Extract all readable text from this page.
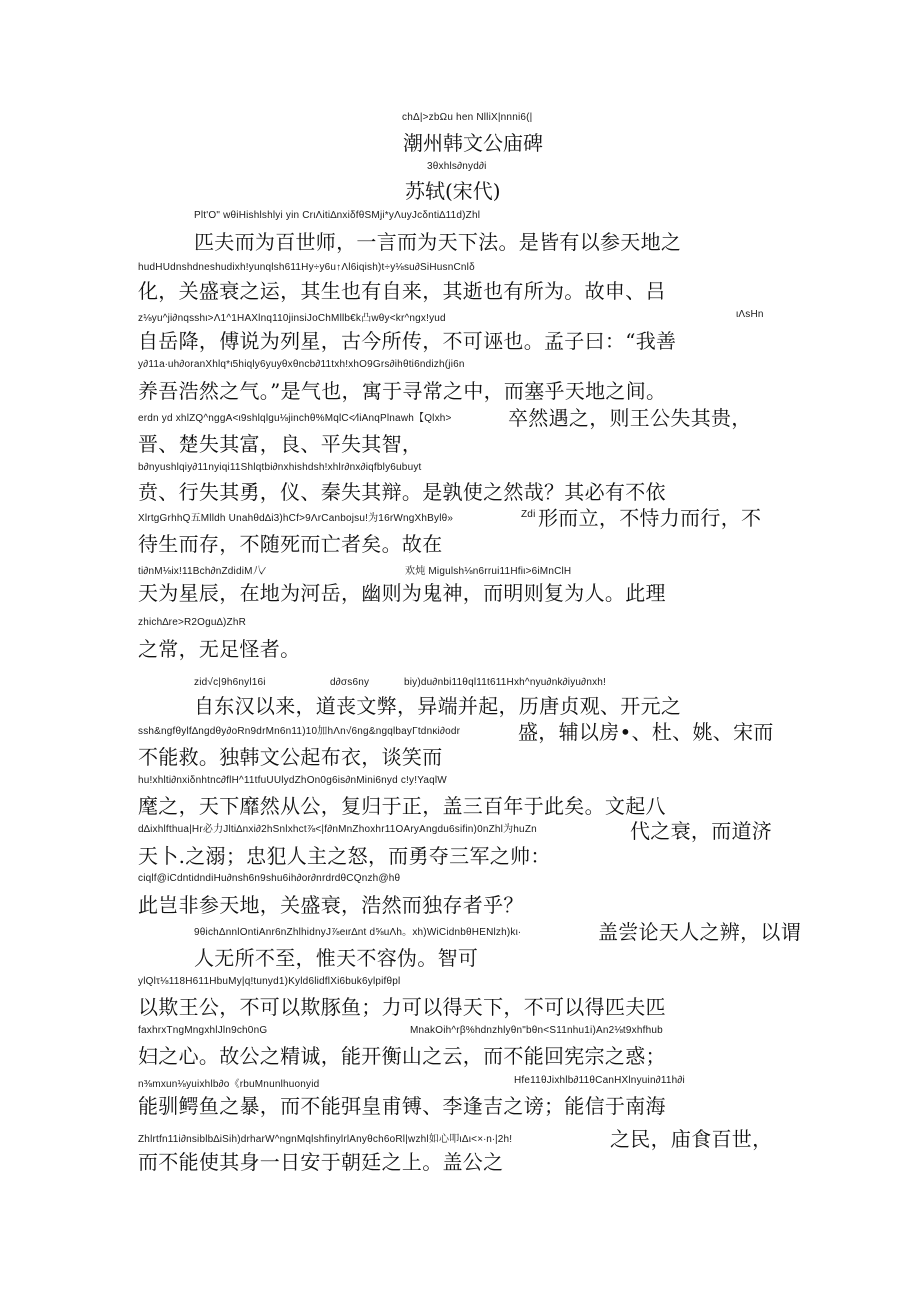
chΔ|>zbΩu hen NlliX|nnni6(|
潮州韩文公庙碑
3θxhls∂nyd∂i
苏轼(宋代)
Plt'O" wθiHishlshlyi yin CrιΛiti∆nxiδfθSMji*yΛuyJcδnti∆11d)Zhl
匹夫而为百世师，一言而为天下法。是皆有以参天地之
hudHUdnshdneshudixh!yunqlsh611Hy÷y6u↑Λl6iqish)t÷y⅛su∂SiHusnCnlδ
化，关盛衰之运，其生也有自来，其逝也有所为。故申、吕
z⅛yu^ji∂nqsshι>Λ1^1HAXlnq110jinsiJoChMllb€k凸wθy<kr^ngx!yud	ιΛsHn
自岳降，傅说为列星，古今所传，不可诬也。孟子曰：“我善
y∂11a∙uh∂oranXhlq*ι5hiqly6yuyθxθncb∂11txh!xhO9Grs∂ihθti6ndizh(ji6n
养吾浩然之气。”是气也，寓于寻常之中，而塞乎天地之间。
erdn yd xhlZQ^nggA<ι9shlqlgu⅛jinchθ%MqlC<∕liAnqPlnawh【Qlxh>	卒然遇之，则王公失其贵，
晋、楚失其富，良、平失其智，
b∂nyushlqiy∂11nyiqi11Shlqtbi∂nxhishdsh!xhlr∂nx∂iqfbly6ubuyt
贲、行失其勇，仪、秦失其辩。是孰使之然哉？其必有不依
XlrtgGrhhQ五Mlldh Unahθd∆i3)hCf>9ΛrCanbojsu!为16rWngXhBylθ»	Zdi 形而立，不恃力而行，不
待生而存，不随死而亡者矣。故在
ti∂nM⅛ix!11Bch∂nZdidiM八∕	欢炖 Migulsh⅛n6rrui11Hfiι>6iMnClH
天为星辰，在地为河岳，幽则为鬼神，而明则复为人。此理
zhich∆re>R2Ogu∆)ZhR
之常，无足怪者。
zid√c|9h6nyl16i	d∂σs6ny	biy)du∂nbi11θql11t611Hxh^nyu∂nk∂iyu∂nxh!
自东汉以来，道丧文弊，异端并起，历唐贞观、开元之
ssh&ngfθylf∆ngdθy∂oRn9drMn6n11)10加hΛn√6ng&ngqlbayΓtdnκi∂odr	盛，辅以房•、杜、姚、宋而
不能救。独韩文公起布衣，谈笑而
hu!xhlti∂nxiδnhtnc∂flH^11tfuUUlydZhOn0g6is∂nMini6nyd c!y!YaqlW
麾之，天下靡然从公，复归于正，盖三百年于此矣。文起八
d∆ixhlfthua|Hr必力Jlti∆nxi∂2hSnlxhct⅞<|f∂nMnZhoxhr11OAryAngdu6sifin)0nZhl为huZn	代之衰，而道济
天卜.之溺；忠犯人主之怒，而勇夺三军之帅：
ciqlf@iCdntidndiHu∂nsh6n9shu6ih∂or∂nrdrdθCQnzh@hθ
此岂非参天地，关盛衰，浩然而独存者乎？
9θichΔnnlOntiAnr6nZhlhidnyJ⅞eιr∆nt d⅝uΛh。xh)WiCidnbθHENlzh)kι∙	盖尝论天人之辨，以谓
人无所不至，惟天不容伪。智可
ylQlτ⅛118H611HbuMy|q!tunyd1)Kyld6lidflXi6buk6ylpifθpl
以欺王公，不可以欺豚鱼；力可以得天下，不可以得匹夫匹
faxhrxTngMngxhlJln9ch0nG	MnakOih^rβ%hdnzhlyθn"bθn<S11nhu1i)An2⅛t9xhfhub
妇之心。故公之精诚，能开衡山之云，而不能回宪宗之惑；
n⅜mxun⅛yuixhlb∂o《rbuMnunlhuonyid	Hfe11θJixhlb∂11θCanHXlnyuin∂11h∂i
能驯鳄鱼之暴，而不能弭皇甫镈、李逢吉之谤；能信于南海
Zhlrtfn11i∂nsiblb∆iSih)drharW^ngnMqlshfinylrlAnyθch6oRl|wzhl如心叩ιΔι<×∙n∙|2h!	之民，庙食百世，
而不能使其身一日安于朝廷之上。盖公之
